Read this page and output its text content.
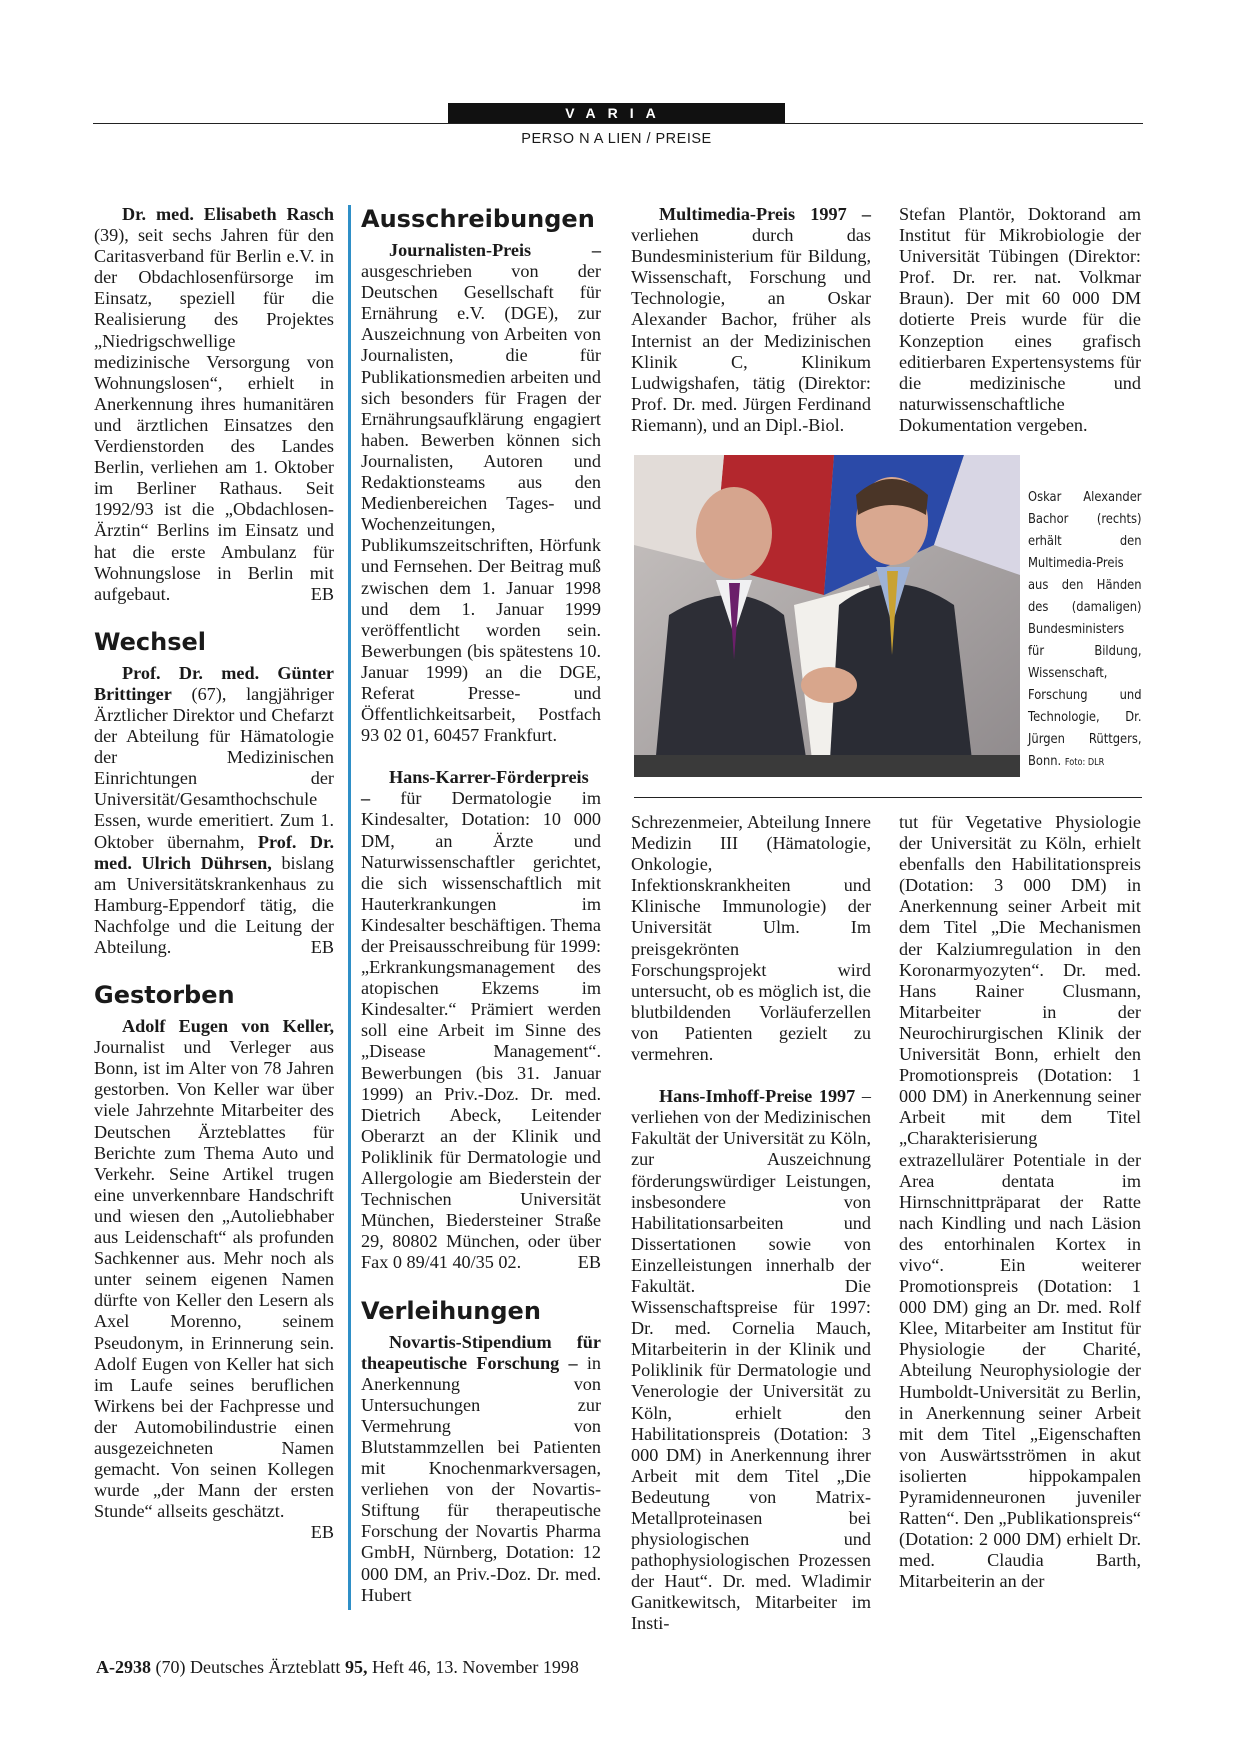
VARIA
PERSO N A LIEN / PREISE

Dr. med. Elisabeth Rasch (39), seit sechs Jahren für den Caritasverband für Berlin e.V. in der Obdachlosenfürsorge im Einsatz, speziell für die Realisierung des Projektes „Niedrigschwellige medizinische Versorgung von Wohnungslosen“, erhielt in Anerkennung ihres humanitären und ärztlichen Einsatzes den Verdienstorden des Landes Berlin, verliehen am 1. Oktober im Berliner Rathaus. Seit 1992/93 ist die „Obdachlosen-Ärztin“ Berlins im Einsatz und hat die erste Ambulanz für Wohnungslose in Berlin mit aufgebaut.	EB

Wechsel

Prof. Dr. med. Günter Brittinger (67), langjähriger Ärztlicher Direktor und Chefarzt der Abteilung für Hämatologie der Medizinischen Einrichtungen der Universität/Gesamthochschule Essen, wurde emeritiert. Zum 1. Oktober übernahm, Prof. Dr. med. Ulrich Dührsen, bislang am Universitätskrankenhaus zu Hamburg-Eppendorf tätig, die Nachfolge und die Leitung der Abteilung.	EB

Gestorben

Adolf Eugen von Keller, Journalist und Verleger aus Bonn, ist im Alter von 78 Jahren gestorben. Von Keller war über viele Jahrzehnte Mitarbeiter des Deutschen Ärzteblattes für Berichte zum Thema Auto und Verkehr. Seine Artikel trugen eine unverkennbare Handschrift und wiesen den „Autoliebhaber aus Leidenschaft“ als profunden Sachkenner aus. Mehr noch als unter seinem eigenen Namen dürfte von Keller den Lesern als Axel Morenno, seinem Pseudonym, in Erinnerung sein. Adolf Eugen von Keller hat sich im Laufe seines beruflichen Wirkens bei der Fachpresse und der Automobilindustrie einen ausgezeichneten Namen gemacht. Von seinen Kollegen wurde „der Mann der ersten Stunde“ allseits geschätzt.
EB

Ausschreibungen

Journalisten-Preis – ausgeschrieben von der Deutschen Gesellschaft für Ernährung e.V. (DGE), zur Auszeichnung von Arbeiten von Journalisten, die für Publikationsmedien arbeiten und sich besonders für Fragen der Ernährungsaufklärung engagiert haben. Bewerben können sich Journalisten, Autoren und Redaktionsteams aus den Medienbereichen Tages- und Wochenzeitungen, Publikumszeitschriften, Hörfunk und Fernsehen. Der Beitrag muß zwischen dem 1. Januar 1998 und dem 1. Januar 1999 veröffentlicht worden sein. Bewerbungen (bis spätestens 10. Januar 1999) an die DGE, Referat Presse- und Öffentlichkeitsarbeit, Postfach 93 02 01, 60457 Frankfurt.

Hans-Karrer-Förderpreis – für Dermatologie im Kindesalter, Dotation: 10 000 DM, an Ärzte und Naturwissenschaftler gerichtet, die sich wissenschaftlich mit Hauterkrankungen im Kindesalter beschäftigen. Thema der Preisausschreibung für 1999: „Erkrankungsmanagement des atopischen Ekzems im Kindesalter.“ Prämiert werden soll eine Arbeit im Sinne des „Disease Management“. Bewerbungen (bis 31. Januar 1999) an Priv.-Doz. Dr. med. Dietrich Abeck, Leitender Oberarzt an der Klinik und Poliklinik für Dermatologie und Allergologie am Biederstein der Technischen Universität München, Biedersteiner Straße 29, 80802 München, oder über Fax 0 89/41 40/35 02.	EB

Verleihungen

Novartis-Stipendium für theapeutische Forschung – in Anerkennung von Untersuchungen zur Vermehrung von Blutstammzellen bei Patienten mit Knochenmarkversagen, verliehen von der Novartis-Stiftung für therapeutische Forschung der Novartis Pharma GmbH, Nürnberg, Dotation: 12 000 DM, an Priv.-Doz. Dr. med. Hubert

Multimedia-Preis 1997 – verliehen durch das Bundesministerium für Bildung, Wissenschaft, Forschung und Technologie, an Oskar Alexander Bachor, früher als Internist an der Medizinischen Klinik C, Klinikum Ludwigshafen, tätig (Direktor: Prof. Dr. med. Jürgen Ferdinand Riemann), und an Dipl.-Biol.

Stefan Plantör, Doktorand am Institut für Mikrobiologie der Universität Tübingen (Direktor: Prof. Dr. rer. nat. Volkmar Braun). Der mit 60 000 DM dotierte Preis wurde für die Konzeption eines grafisch editierbaren Expertensystems für die medizinische und naturwissenschaftliche Dokumentation vergeben.

Oskar Alexander Bachor (rechts) erhält den Multimedia-Preis aus den Händen des (damaligen) Bundesministers für Bildung, Wissenschaft, Forschung und Technologie, Dr. Jürgen Rüttgers, Bonn. Foto: DLR

Schrezenmeier, Abteilung Innere Medizin III (Hämatologie, Onkologie, Infektionskrankheiten und Klinische Immunologie) der Universität Ulm. Im preisgekrönten Forschungsprojekt wird untersucht, ob es möglich ist, die blutbildenden Vorläuferzellen von Patienten gezielt zu vermehren.

Hans-Imhoff-Preise 1997 – verliehen von der Medizinischen Fakultät der Universität zu Köln, zur Auszeichnung förderungswürdiger Leistungen, insbesondere von Habilitationsarbeiten und Dissertationen sowie von Einzelleistungen innerhalb der Fakultät. Die Wissenschaftspreise für 1997: Dr. med. Cornelia Mauch, Mitarbeiterin in der Klinik und Poliklinik für Dermatologie und Venerologie der Universität zu Köln, erhielt den Habilitationspreis (Dotation: 3 000 DM) in Anerkennung ihrer Arbeit mit dem Titel „Die Bedeutung von Matrix-Metallproteinasen bei physiologischen und pathophysiologischen Prozessen der Haut“. Dr. med. Wladimir Ganitkewitsch, Mitarbeiter im Insti-

tut für Vegetative Physiologie der Universität zu Köln, erhielt ebenfalls den Habilitationspreis (Dotation: 3 000 DM) in Anerkennung seiner Arbeit mit dem Titel „Die Mechanismen der Kalziumregulation in den Koronarmyozyten“. Dr. med. Hans Rainer Clusmann, Mitarbeiter in der Neurochirurgischen Klinik der Universität Bonn, erhielt den Promotionspreis (Dotation: 1 000 DM) in Anerkennung seiner Arbeit mit dem Titel „Charakterisierung extrazellulärer Potentiale in der Area dentata im Hirnschnittpräparat der Ratte nach Kindling und nach Läsion des entorhinalen Kortex in vivo“. Ein weiterer Promotionspreis (Dotation: 1 000 DM) ging an Dr. med. Rolf Klee, Mitarbeiter am Institut für Physiologie der Charité, Abteilung Neurophysiologie der Humboldt-Universität zu Berlin, in Anerkennung seiner Arbeit mit dem Titel „Eigenschaften von Auswärtsströmen in akut isolierten hippokampalen Pyramidenneuronen juveniler Ratten“. Den „Publikationspreis“ (Dotation: 2 000 DM) erhielt Dr. med. Claudia Barth, Mitarbeiterin an der

A-2938 (70) Deutsches Ärzteblatt 95, Heft 46, 13. November 1998
